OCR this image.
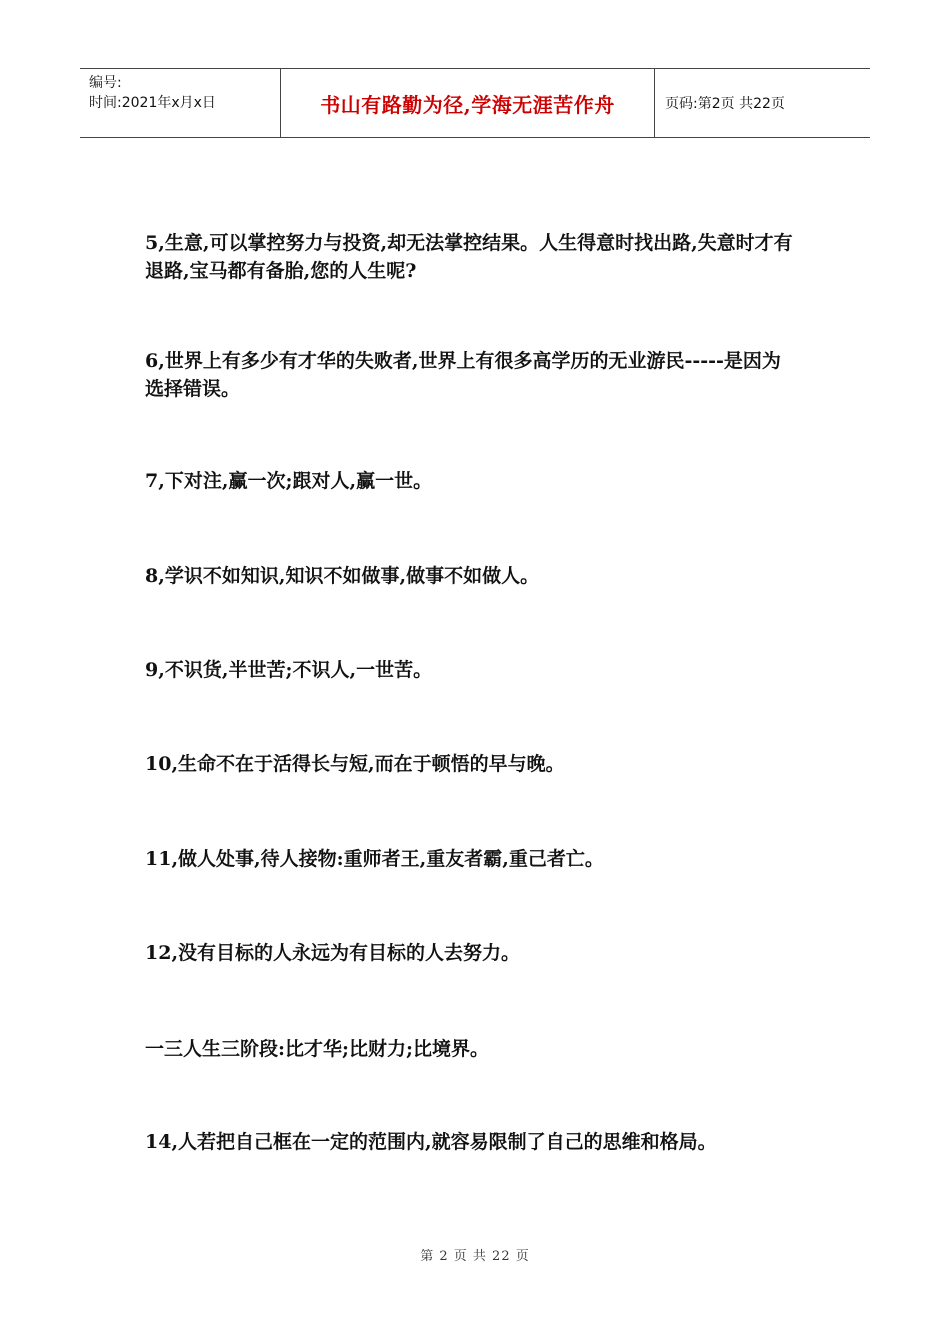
编号:
时间:2021年x月x日	书山有路勤为径,学海无涯苦作舟	页码:第2页 共22页
5,生意,可以掌控努力与投资,却无法掌控结果。人生得意时找出路,失意时才有退路,宝马都有备胎,您的人生呢?
6,世界上有多少有才华的失败者,世界上有很多高学历的无业游民-----是因为选择错误。
7,下对注,赢一次;跟对人,赢一世。
8,学识不如知识,知识不如做事,做事不如做人。
9,不识货,半世苦;不识人,一世苦。
10,生命不在于活得长与短,而在于顿悟的早与晚。
11,做人处事,待人接物:重师者王,重友者霸,重己者亡。
12,没有目标的人永远为有目标的人去努力。
一三人生三阶段:比才华;比财力;比境界。
14,人若把自己框在一定的范围内,就容易限制了自己的思维和格局。
第 2 页 共 22 页
